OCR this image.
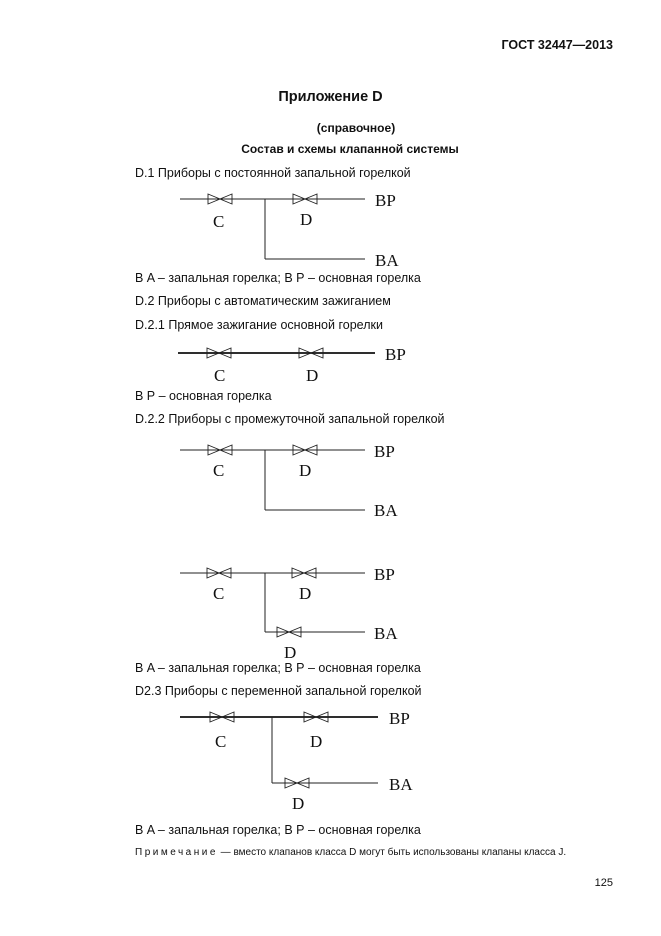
ГОСТ 32447—2013
Приложение D
(справочное)
Состав и схемы клапанной системы
D.1 Приборы с постоянной запальной горелкой
В A – запальная горелка; В Р – основная горелка
D.2 Приборы с автоматическим зажиганием
D.2.1 Прямое зажигание основной горелки
В Р – основная горелка
D.2.2 Приборы с промежуточной запальной горелкой
В A – запальная горелка; В Р – основная горелка
D2.3 Приборы с переменной запальной горелкой
В A – запальная горелка; В Р – основная горелка
Примечание — вместо клапанов класса D могут быть использованы клапаны класса J.
125
C	D
BP
BA
C	D
BP
C	D
BP
BA
C	D
D
BP
BA
C	D
D
BP
BA
